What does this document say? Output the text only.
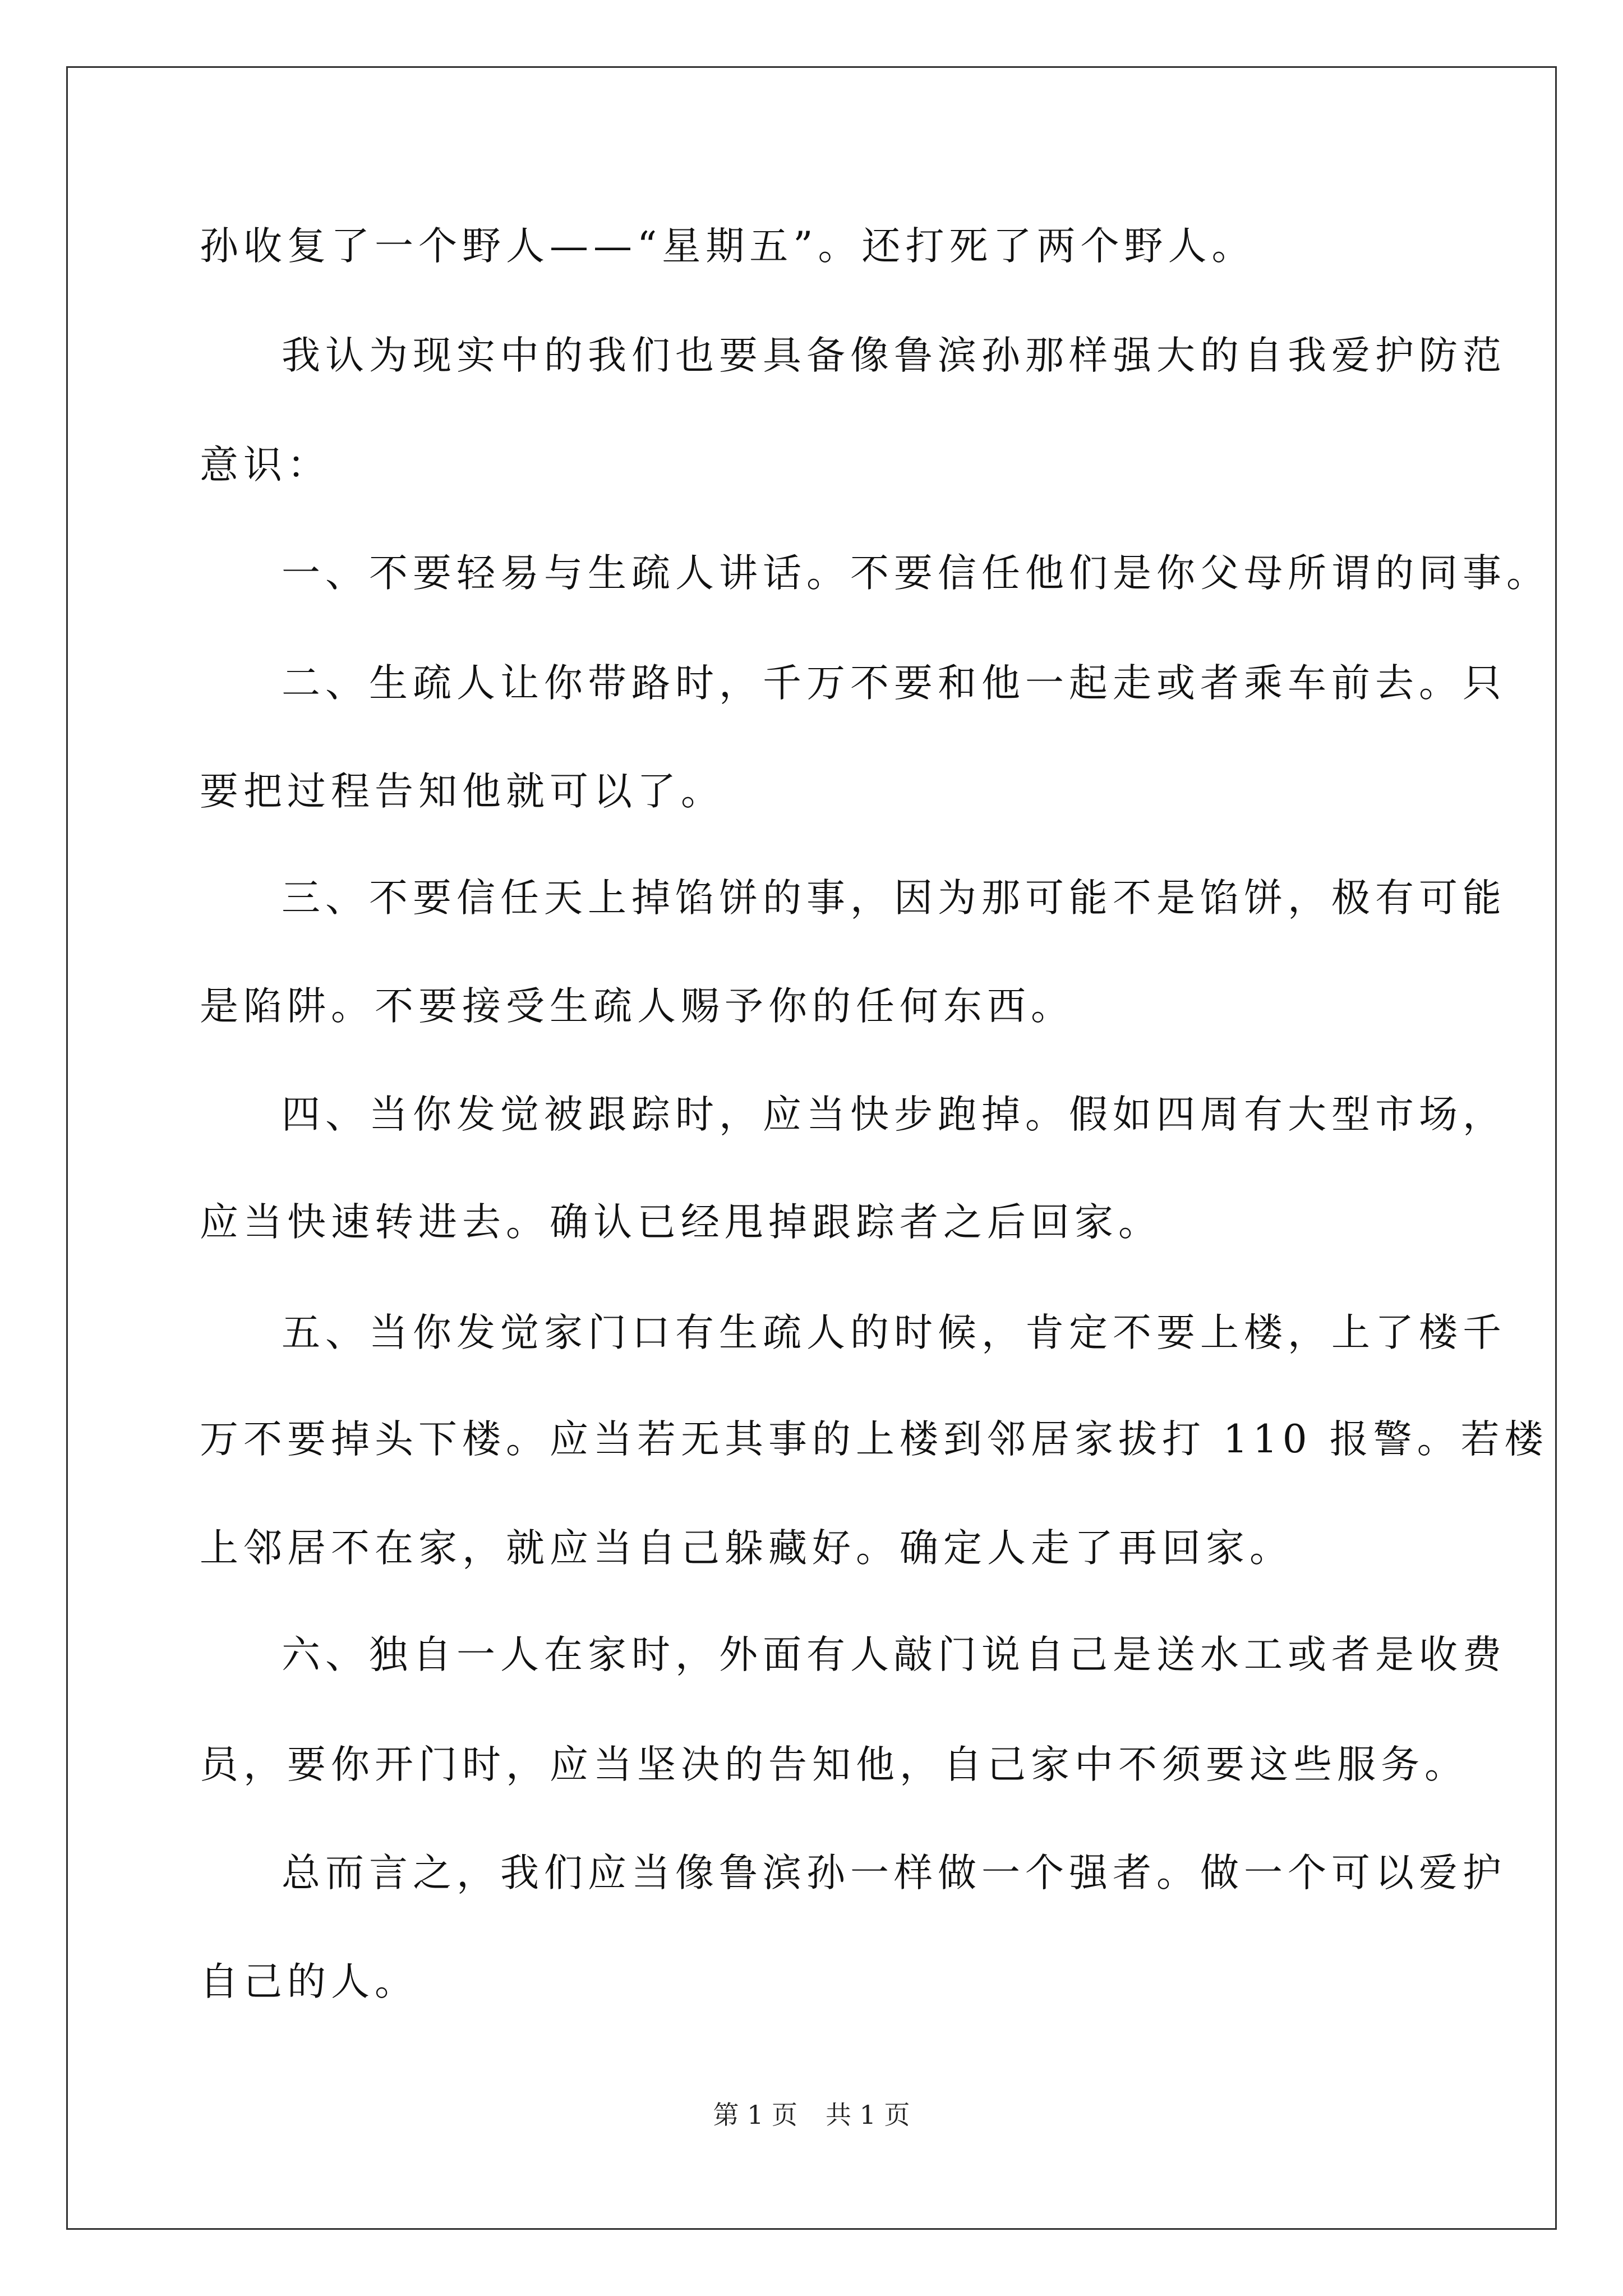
孙收复了一个野人——“星期五”。还打死了两个野人。
我认为现实中的我们也要具备像鲁滨孙那样强大的自我爱护防范
意识：
一、不要轻易与生疏人讲话。不要信任他们是你父母所谓的同事。
二、生疏人让你带路时，千万不要和他一起走或者乘车前去。只
要把过程告知他就可以了。
三、不要信任天上掉馅饼的事，因为那可能不是馅饼，极有可能
是陷阱。不要接受生疏人赐予你的任何东西。
四、当你发觉被跟踪时，应当快步跑掉。假如四周有大型市场，
应当快速转进去。确认已经甩掉跟踪者之后回家。
五、当你发觉家门口有生疏人的时候，肯定不要上楼，上了楼千
万不要掉头下楼。应当若无其事的上楼到邻居家拔打 110 报警。若楼
上邻居不在家，就应当自己躲藏好。确定人走了再回家。
六、独自一人在家时，外面有人敲门说自己是送水工或者是收费
员，要你开门时，应当坚决的告知他，自己家中不须要这些服务。
总而言之，我们应当像鲁滨孙一样做一个强者。做一个可以爱护
自己的人。
第 1 页 共 1 页
